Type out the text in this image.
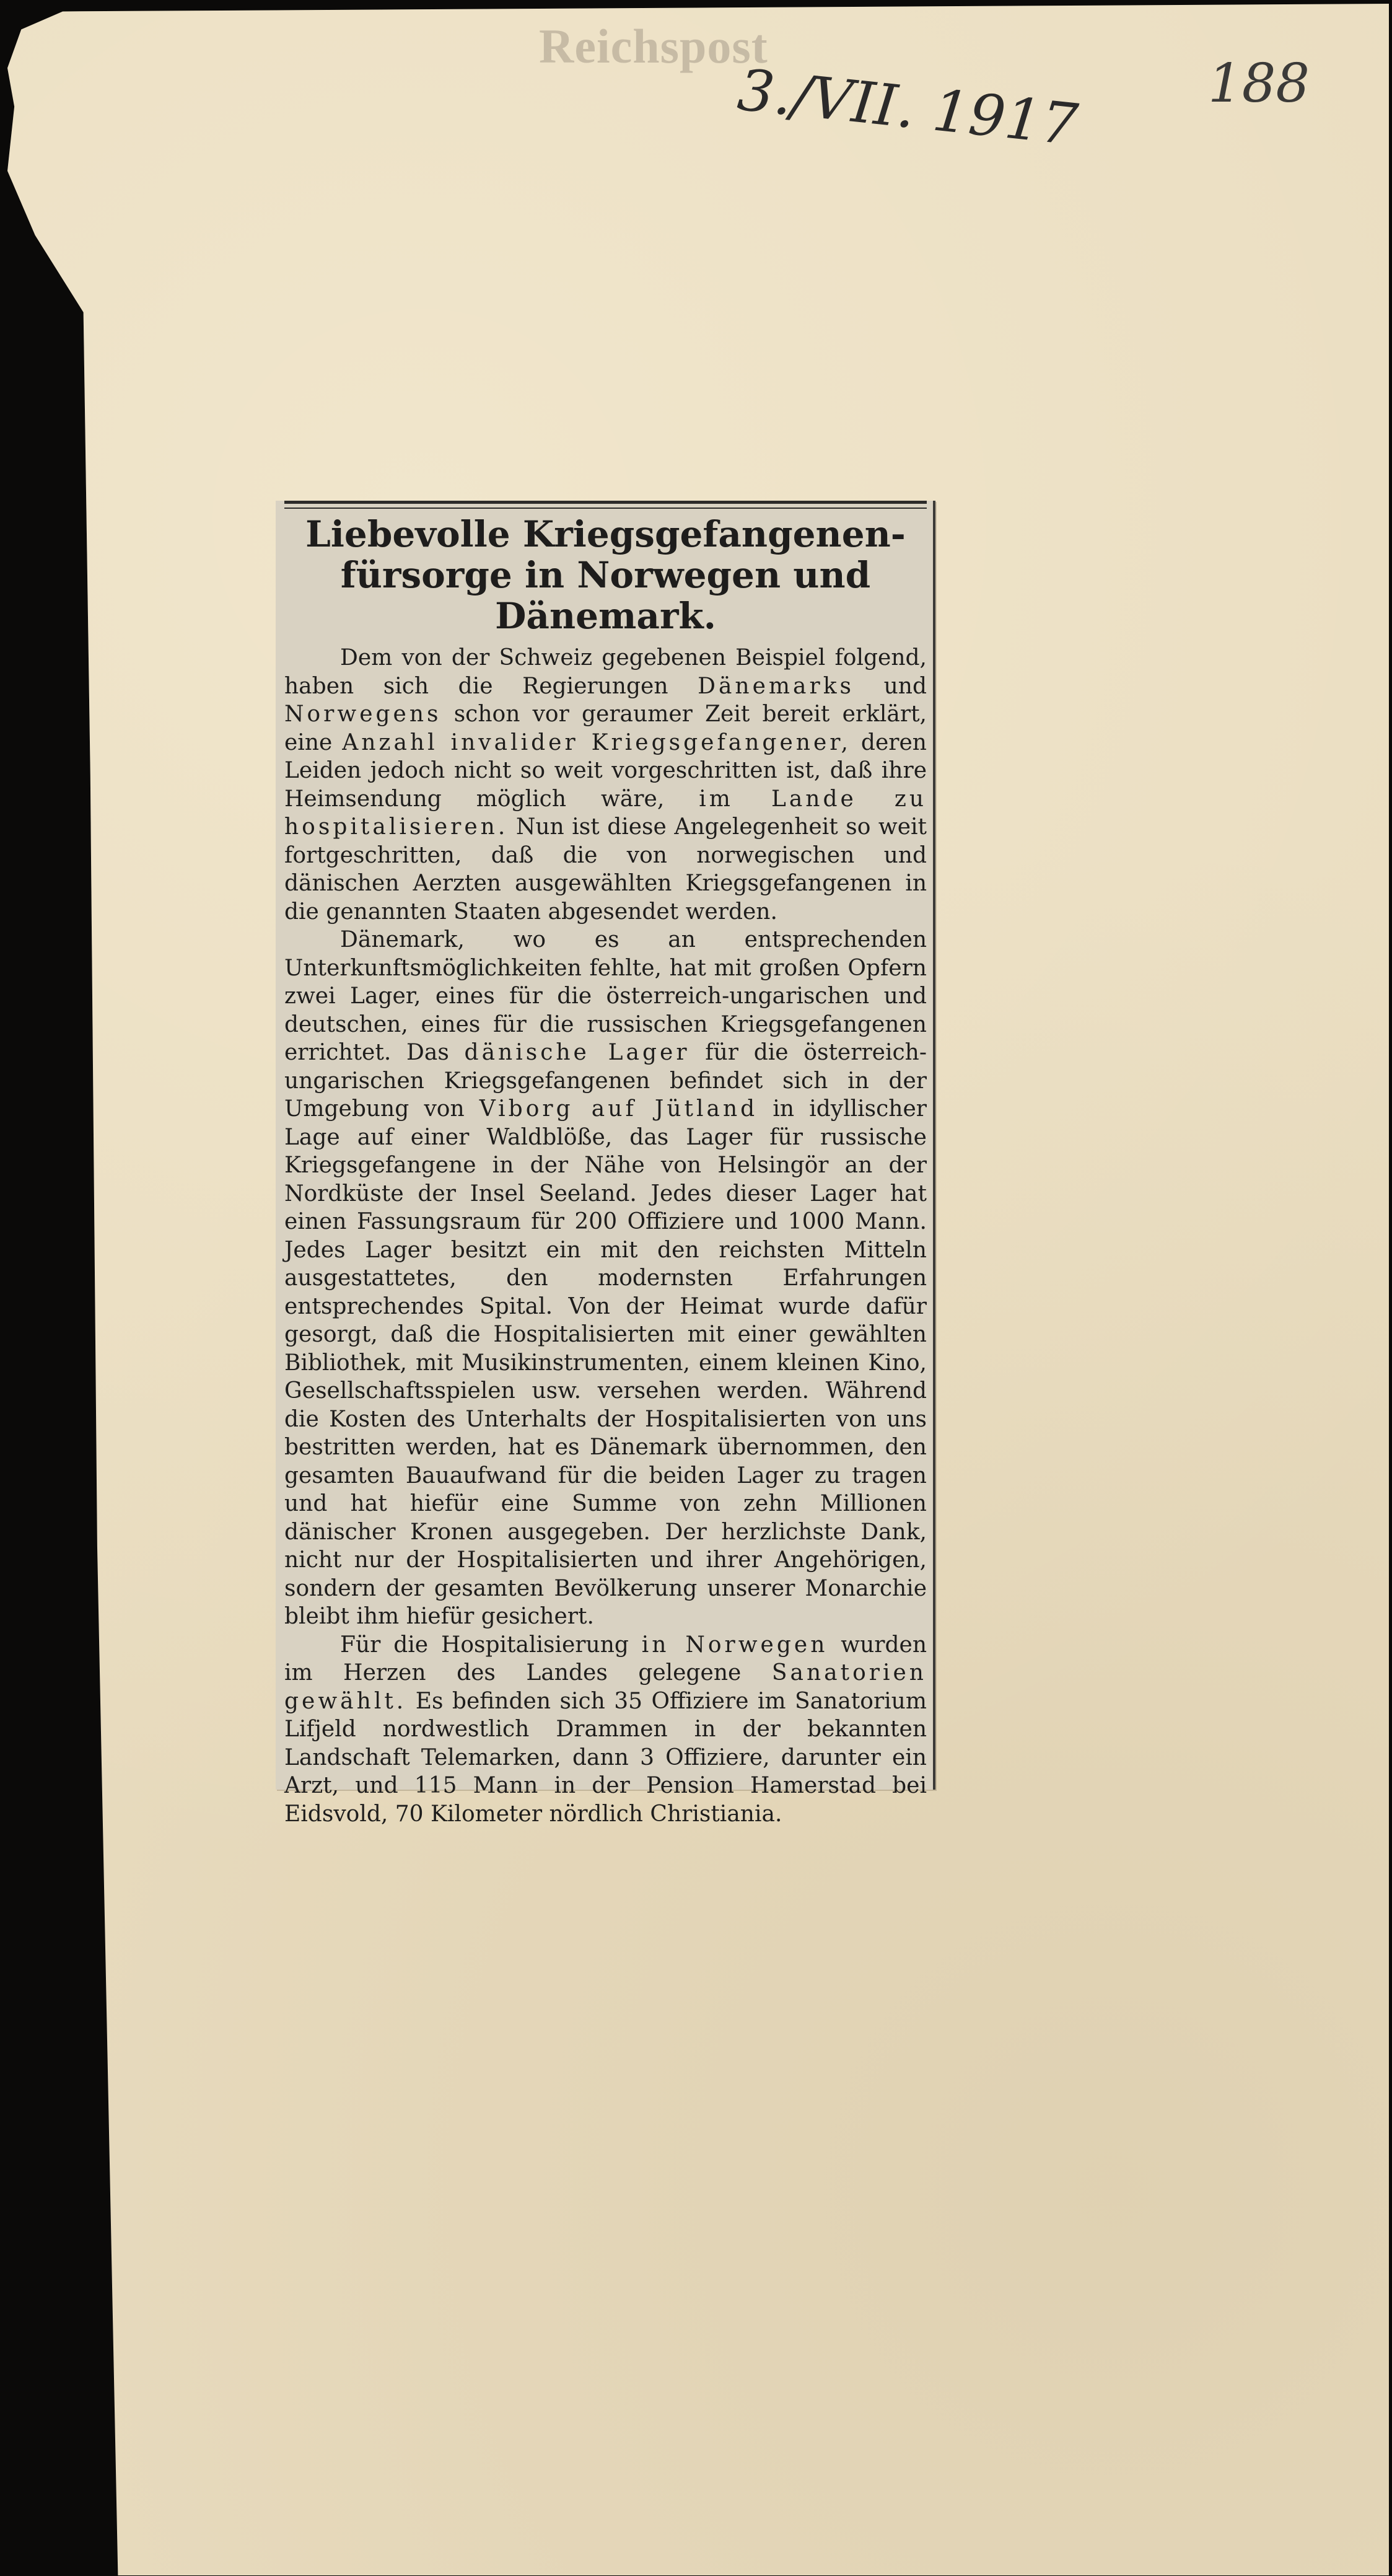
Reichspost
3./VII. 1917 188
Liebevolle Kriegsgefangenen-
fürsorge in Norwegen und
Dänemark.

Dem von der Schweiz gegebenen Beispiel folgend, haben sich die Regierungen Dänemarks und Norwegens schon vor geraumer Zeit bereit erklärt, eine Anzahl invalider Kriegsgefangener, deren Leiden jedoch nicht so weit vorgeschritten ist, daß ihre Heimsendung möglich wäre, im Lande zu hospitalisieren. Nun ist diese Angelegenheit so weit fortgeschritten, daß die von norwegischen und dänischen Aerzten ausgewählten Kriegsgefangenen in die genannten Staaten abgesendet werden.

Dänemark, wo es an entsprechenden Unterkunftsmöglichkeiten fehlte, hat mit großen Opfern zwei Lager, eines für die österreich-ungarischen und deutschen, eines für die russischen Kriegsgefangenen errichtet. Das dänische Lager für die österreich-ungarischen Kriegsgefangenen befindet sich in der Umgebung von Viborg auf Jütland in idyllischer Lage auf einer Waldblöße, das Lager für russische Kriegsgefangene in der Nähe von Helsingör an der Nordküste der Insel Seeland. Jedes dieser Lager hat einen Fassungsraum für 200 Offiziere und 1000 Mann. Jedes Lager besitzt ein mit den reichsten Mitteln ausgestattetes, den modernsten Erfahrungen entsprechendes Spital. Von der Heimat wurde dafür gesorgt, daß die Hospitalisierten mit einer gewählten Bibliothek, mit Musikinstrumenten, einem kleinen Kino, Gesellschaftsspielen usw. versehen werden. Während die Kosten des Unterhalts der Hospitalisierten von uns bestritten werden, hat es Dänemark übernommen, den gesamten Bauaufwand für die beiden Lager zu tragen und hat hiefür eine Summe von zehn Millionen dänischer Kronen ausgegeben. Der herzlichste Dank, nicht nur der Hospitalisierten und ihrer Angehörigen, sondern der gesamten Bevölkerung unserer Monarchie bleibt ihm hiefür gesichert.

Für die Hospitalisierung in Norwegen wurden im Herzen des Landes gelegene Sanatorien gewählt. Es befinden sich 35 Offiziere im Sanatorium Lifjeld nordwestlich Drammen in der bekannten Landschaft Telemarken, dann 3 Offiziere, darunter ein Arzt, und 115 Mann in der Pension Hamerstad bei Eidsvold, 70 Kilometer nördlich Christiania.
